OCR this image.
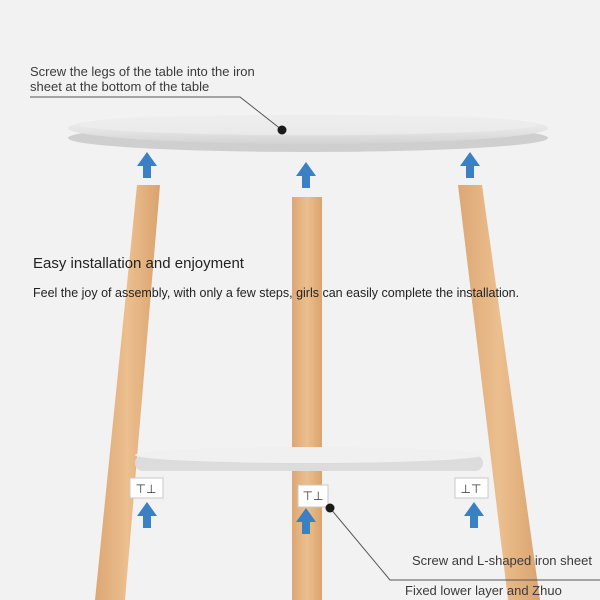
⊤⊥	⊤⊥	⊥⊤

Screw the legs of the table into the iron sheet at the bottom of the table

Easy installation and enjoyment

Feel the joy of assembly, with only a few steps, girls can easily complete the installation.

Screw and L-shaped iron sheet

Fixed lower layer and Zhuo
